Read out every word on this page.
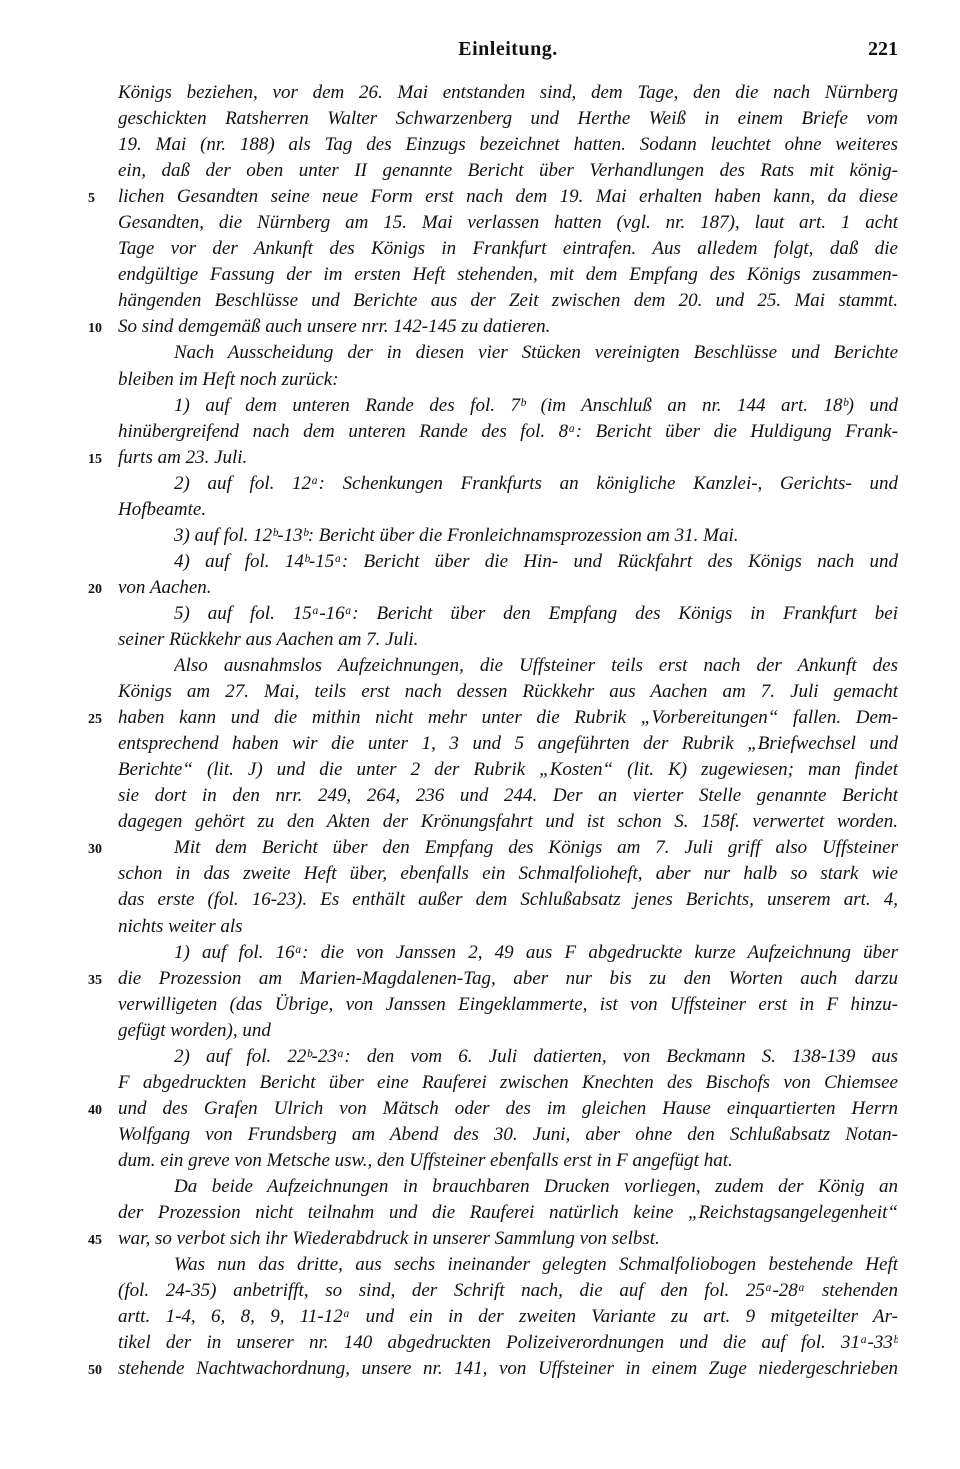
Einleitung.	221
Königs beziehen, vor dem 26. Mai entstanden sind, dem Tage, den die nach Nürnberg
geschickten Ratsherren Walter Schwarzenberg und Herthe Weiß in einem Briefe vom
19. Mai (nr. 188) als Tag des Einzugs bezeichnet hatten. Sodann leuchtet ohne weiteres
ein, daß der oben unter II genannte Bericht über Verhandlungen des Rats mit könig-
5	lichen Gesandten seine neue Form erst nach dem 19. Mai erhalten haben kann, da diese
Gesandten, die Nürnberg am 15. Mai verlassen hatten (vgl. nr. 187), laut art. 1 acht
Tage vor der Ankunft des Königs in Frankfurt eintrafen. Aus alledem folgt, daß die
endgültige Fassung der im ersten Heft stehenden, mit dem Empfang des Königs zusammen-
hängenden Beschlüsse und Berichte aus der Zeit zwischen dem 20. und 25. Mai stammt.
10 So sind demgemäß auch unsere nrr. 142-145 zu datieren.
Nach Ausscheidung der in diesen vier Stücken vereinigten Beschlüsse und Berichte
bleiben im Heft noch zurück:
1) auf dem unteren Rande des fol. 7ᵇ (im Anschluß an nr. 144 art. 18ᵇ) und
hinübergreifend nach dem unteren Rande des fol. 8ᵃ: Bericht über die Huldigung Frank-
15 furts am 23. Juli.
2) auf fol. 12ᵃ: Schenkungen Frankfurts an königliche Kanzlei-, Gerichts- und
Hofbeamte.
3) auf fol. 12ᵇ-13ᵇ: Bericht über die Fronleichnamsprozession am 31. Mai.
4) auf fol. 14ᵇ-15ᵃ: Bericht über die Hin- und Rückfahrt des Königs nach und
20 von Aachen.
5) auf fol. 15ᵃ-16ᵃ: Bericht über den Empfang des Königs in Frankfurt bei
seiner Rückkehr aus Aachen am 7. Juli.
Also ausnahmslos Aufzeichnungen, die Uffsteiner teils erst nach der Ankunft des
Königs am 27. Mai, teils erst nach dessen Rückkehr aus Aachen am 7. Juli gemacht
25 haben kann und die mithin nicht mehr unter die Rubrik „Vorbereitungen“ fallen. Dem-
entsprechend haben wir die unter 1, 3 und 5 angeführten der Rubrik „Briefwechsel und
Berichte“ (lit. J) und die unter 2 der Rubrik „Kosten“ (lit. K) zugewiesen; man findet
sie dort in den nrr. 249, 264, 236 und 244. Der an vierter Stelle genannte Bericht
dagegen gehört zu den Akten der Krönungsfahrt und ist schon S. 158f. verwertet worden.
30	Mit dem Bericht über den Empfang des Königs am 7. Juli griff also Uffsteiner
schon in das zweite Heft über, ebenfalls ein Schmalfolioheft, aber nur halb so stark wie
das erste (fol. 16-23). Es enthält außer dem Schlußabsatz jenes Berichts, unserem art. 4,
nichts weiter als
1) auf fol. 16ᵃ: die von Janssen 2, 49 aus F abgedruckte kurze Aufzeichnung über
35 die Prozession am Marien-Magdalenen-Tag, aber nur bis zu den Worten auch darzu
verwilligeten (das Übrige, von Janssen Eingeklammerte, ist von Uffsteiner erst in F hinzu-
gefügt worden), und
2) auf fol. 22ᵇ-23ᵃ: den vom 6. Juli datierten, von Beckmann S. 138-139 aus
F abgedruckten Bericht über eine Rauferei zwischen Knechten des Bischofs von Chiemsee
40 und des Grafen Ulrich von Mätsch oder des im gleichen Hause einquartierten Herrn
Wolfgang von Frundsberg am Abend des 30. Juni, aber ohne den Schlußabsatz Notan-
dum. ein greve von Metsche usw., den Uffsteiner ebenfalls erst in F angefügt hat.
Da beide Aufzeichnungen in brauchbaren Drucken vorliegen, zudem der König an
der Prozession nicht teilnahm und die Rauferei natürlich keine „Reichstagsangelegenheit“
45 war, so verbot sich ihr Wiederabdruck in unserer Sammlung von selbst.
Was nun das dritte, aus sechs ineinander gelegten Schmalfoliobogen bestehende Heft
(fol. 24-35) anbetrifft, so sind, der Schrift nach, die auf den fol. 25ᵃ-28ᵃ stehenden
artt. 1-4, 6, 8, 9, 11-12ᵃ und ein in der zweiten Variante zu art. 9 mitgeteilter Ar-
tikel der in unserer nr. 140 abgedruckten Polizeiverordnungen und die auf fol. 31ᵃ-33ᵇ
50 stehende Nachtwachordnung, unsere nr. 141, von Uffsteiner in einem Zuge niedergeschrieben
